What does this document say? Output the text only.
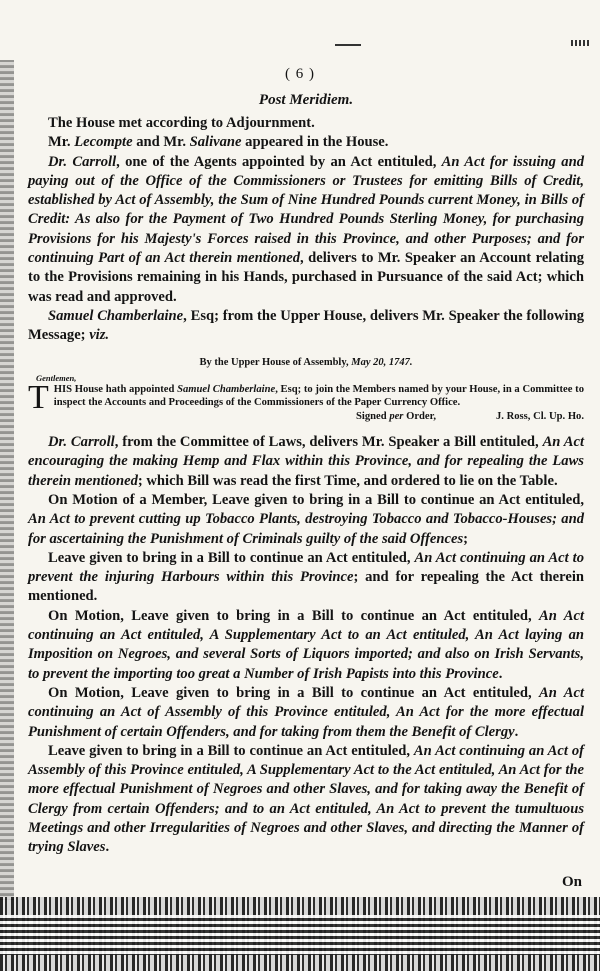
( 6 )
Post Meridiem.

The House met according to Adjournment.

Mr. Lecompte and Mr. Salivane appeared in the House.

Dr. Carroll, one of the Agents appointed by an Act entituled, An Act for issuing and paying out of the Office of the Commissioners or Trustees for emitting Bills of Credit, established by Act of Assembly, the Sum of Nine Hundred Pounds current Money, in Bills of Credit: As also for the Payment of Two Hundred Pounds Sterling Money, for purchasing Provisions for his Majesty's Forces raised in this Province, and other Purposes; and for continuing Part of an Act therein mentioned, delivers to Mr. Speaker an Account relating to the Provisions remaining in his Hands, purchased in Pursuance of the said Act; which was read and approved.

Samuel Chamberlaine, Esq; from the Upper House, delivers Mr. Speaker the following Message; viz.

By the Upper House of Assembly, May 20, 1747.
Gentlemen,
T HIS House hath appointed Samuel Chamberlaine, Esq; to join the Members named by your House, in a Committee to inspect the Accounts and Proceedings of the Commissioners of the Paper Currency Office.
Signed per Order,	J. Ross, Cl. Up. Ho.

Dr. Carroll, from the Committee of Laws, delivers Mr. Speaker a Bill entituled, An Act encouraging the making Hemp and Flax within this Province, and for repealing the Laws therein mentioned; which Bill was read the first Time, and ordered to lie on the Table.

On Motion of a Member, Leave given to bring in a Bill to continue an Act entituled, An Act to prevent cutting up Tobacco Plants, destroying Tobacco and Tobacco-Houses; and for ascertaining the Punishment of Criminals guilty of the said Offences;

Leave given to bring in a Bill to continue an Act entituled, An Act continuing an Act to prevent the injuring Harbours within this Province; and for repealing the Act therein mentioned.

On Motion, Leave given to bring in a Bill to continue an Act entituled, An Act continuing an Act entituled, A Supplementary Act to an Act entituled, An Act laying an Imposition on Negroes, and several Sorts of Liquors imported; and also on Irish Servants, to prevent the importing too great a Number of Irish Papists into this Province.

On Motion, Leave given to bring in a Bill to continue an Act entituled, An Act continuing an Act of Assembly of this Province entituled, An Act for the more effectual Punishment of certain Offenders, and for taking from them the Benefit of Clergy.

Leave given to bring in a Bill to continue an Act entituled, An Act continuing an Act of Assembly of this Province entituled, A Supplementary Act to the Act entituled, An Act for the more effectual Punishment of Negroes and other Slaves, and for taking away the Benefit of Clergy from certain Offenders; and to an Act entituled, An Act to prevent the tumultuous Meetings and other Irregularities of Negroes and other Slaves, and directing the Manner of trying Slaves.

On
